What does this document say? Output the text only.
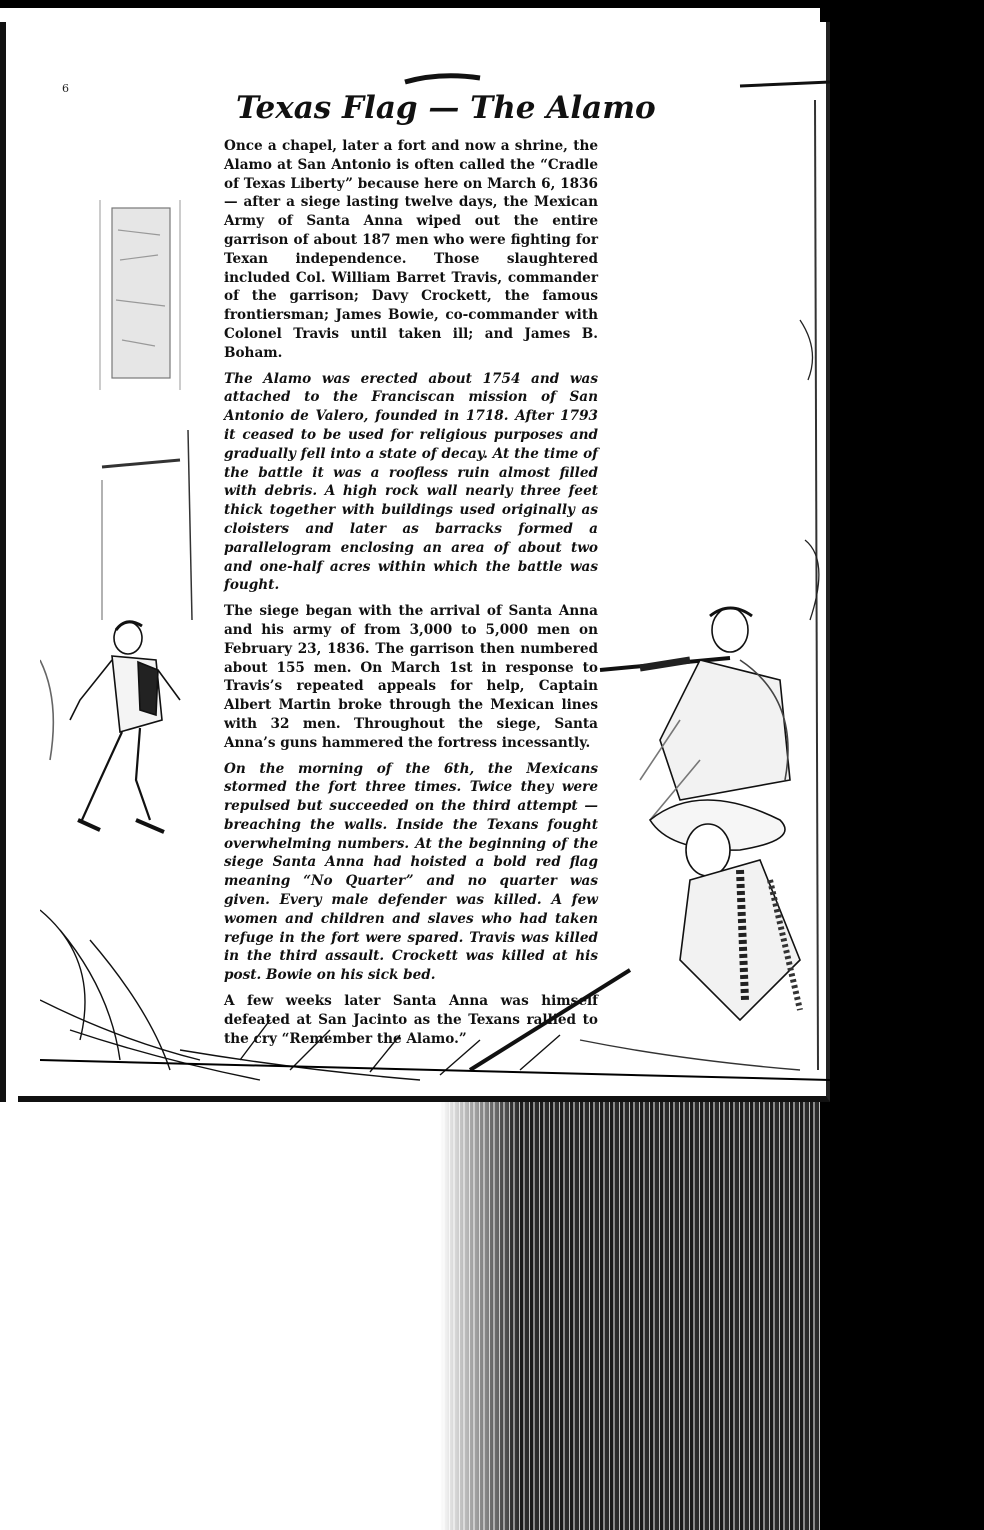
6
Texas Flag — The Alamo

Once a chapel, later a fort and now a shrine, the Alamo at San Antonio is often called the “Cradle of Texas Liberty” because here on March 6, 1836 — after a siege lasting twelve days, the Mexican Army of Santa Anna wiped out the entire garrison of about 187 men who were fighting for Texan independence. Those slaughtered included Col. William Barret Travis, commander of the garrison; Davy Crockett, the famous frontiersman; James Bowie, co-commander with Colonel Travis until taken ill; and James B. Boham.

The Alamo was erected about 1754 and was attached to the Franciscan mission of San Antonio de Valero, founded in 1718. After 1793 it ceased to be used for religious purposes and gradually fell into a state of decay. At the time of the battle it was a roofless ruin almost filled with debris. A high rock wall nearly three feet thick together with buildings used originally as cloisters and later as barracks formed a parallelogram enclosing an area of about two and one-half acres within which the battle was fought.

The siege began with the arrival of Santa Anna and his army of from 3,000 to 5,000 men on February 23, 1836. The garrison then numbered about 155 men. On March 1st in response to Travis’s repeated appeals for help, Captain Albert Martin broke through the Mexican lines with 32 men. Throughout the siege, Santa Anna’s guns hammered the fortress incessantly.

On the morning of the 6th, the Mexicans stormed the fort three times. Twice they were repulsed but succeeded on the third attempt — breaching the walls. Inside the Texans fought overwhelming numbers. At the beginning of the siege Santa Anna had hoisted a bold red flag meaning “No Quarter” and no quarter was given. Every male defender was killed. A few women and children and slaves who had taken refuge in the fort were spared. Travis was killed in the third assault. Crockett was killed at his post. Bowie on his sick bed.

A few weeks later Santa Anna was himself defeated at San Jacinto as the Texans rallied to the cry “Remember the Alamo.”
